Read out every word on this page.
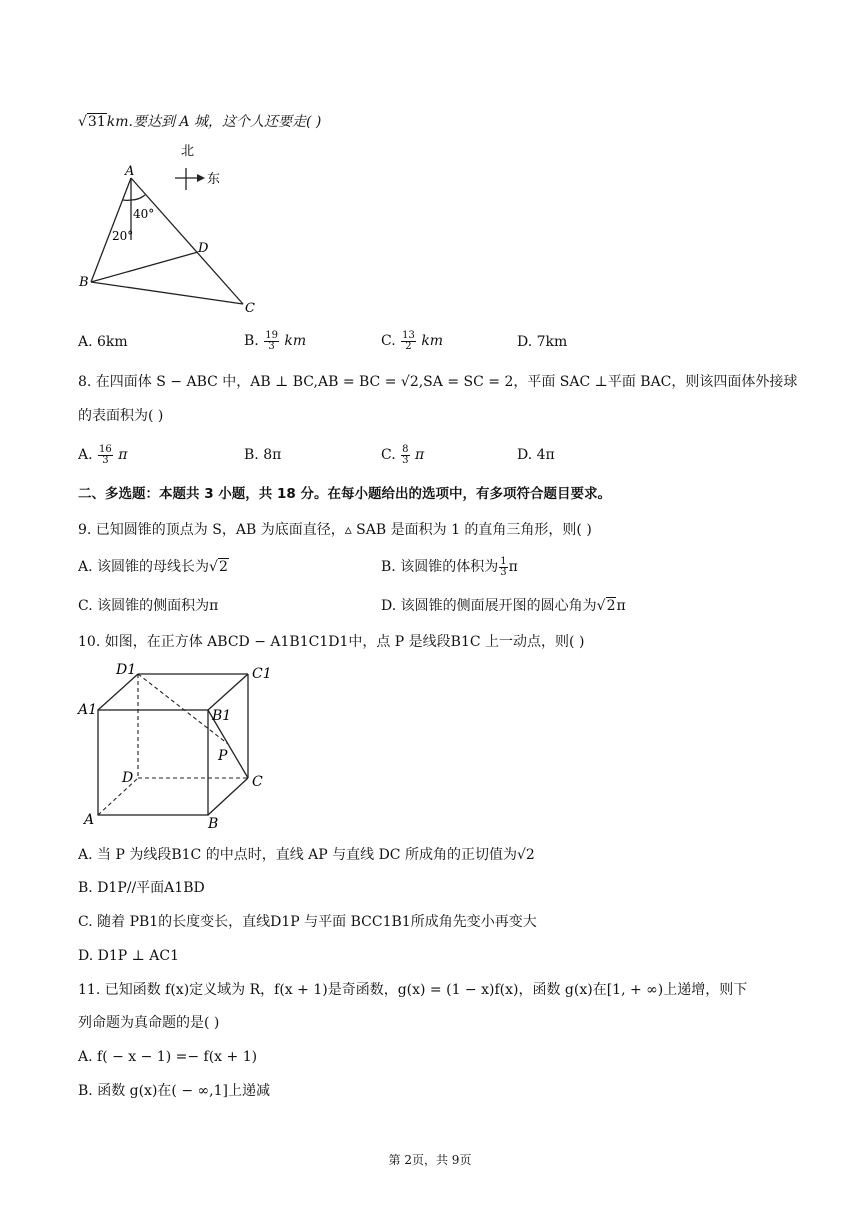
√31km.要达到 A 城，这个人还要走( )
北
东
A
B
C
D
40°
20°
A. 6km	B. $\frac{19}{3}$ km	C. $\frac{13}{2}$ km	D. 7km
8. 在四面体 S − ABC 中，AB ⊥ BC,AB = BC = √2,SA = SC = 2，平面 SAC ⊥平面 BAC，则该四面体外接球
的表面积为( )
A. $\frac{16}{3}$ π	B. 8π	C. $\frac{8}{3}$ π	D. 4π
二、多选题：本题共 3 小题，共 18 分。在每小题给出的选项中，有多项符合题目要求。
9. 已知圆锥的顶点为 S，AB 为底面直径，▵ SAB 是面积为 1 的直角三角形，则( )
A. 该圆锥的母线长为√2	B. 该圆锥的体积为 $\frac{1}{3}$ π
C. 该圆锥的侧面积为π	D. 该圆锥的侧面展开图的圆心角为√2π
10. 如图，在正方体 ABCD − A1B1C1D1中，点 P 是线段B1C 上一动点，则( )
D1	C1
A1	B1
P
D	C
A	B
A. 当 P 为线段B1C 的中点时，直线 AP 与直线 DC 所成角的正切值为√2
B. D1P//平面A1BD
C. 随着 PB1的长度变长，直线D1P 与平面 BCC1B1所成角先变小再变大
D. D1P ⊥ AC1
11. 已知函数 f(x)定义域为 R，f(x + 1)是奇函数，g(x) = (1 − x)f(x)，函数 g(x)在[1, + ∞)上递增，则下
列命题为真命题的是( )
A. f( − x − 1) =− f(x + 1)
B. 函数 g(x)在( − ∞,1]上递减
第 2页，共 9页
